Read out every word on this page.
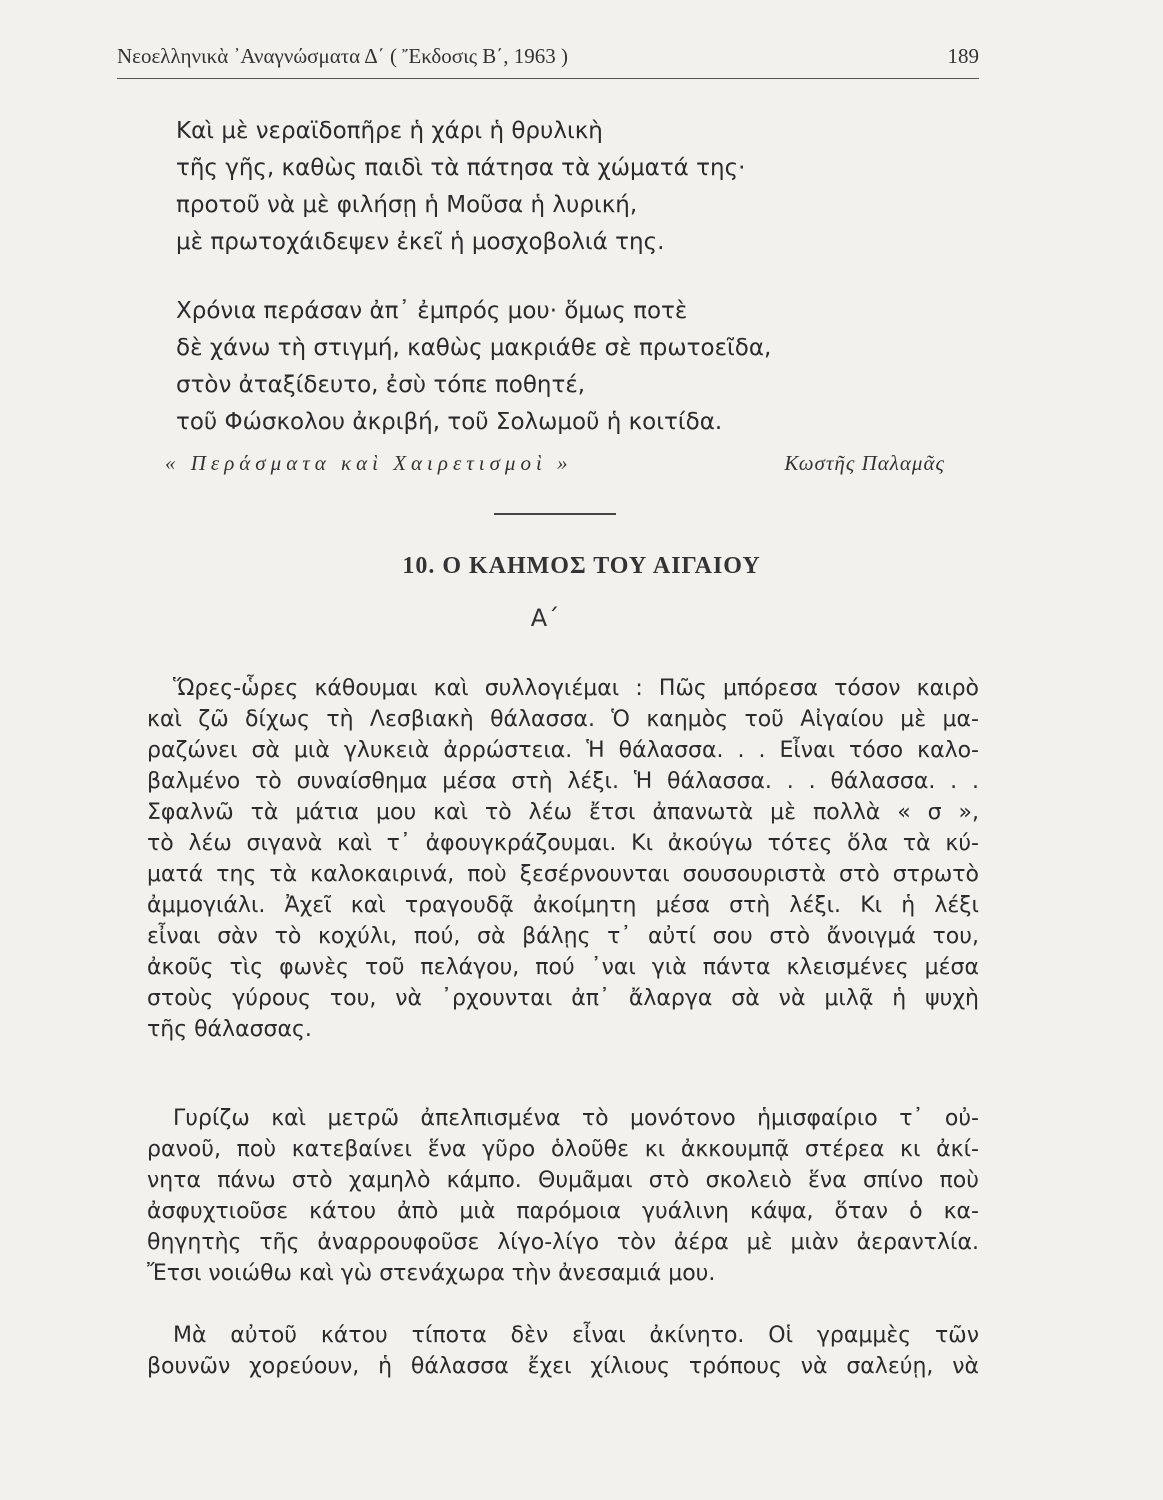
Νεοελληνικὰ ᾿Αναγνώσματα Δ΄ ( Ἔκδοσις Β΄, 1963 )	189
Καὶ μὲ νεραϊδοπῆρε ἡ χάρι ἡ θρυλικὴ
τῆς γῆς, καθὼς παιδὶ τὰ πάτησα τὰ χώματά της·
προτοῦ νὰ μὲ φιλήσῃ ἡ Μοῦσα ἡ λυρική,
μὲ πρωτοχάιδεψεν ἐκεῖ ἡ μοσχοβολιά της.
Χρόνια περάσαν ἀπ᾿ ἐμπρός μου· ὅμως ποτὲ
δὲ χάνω τὴ στιγμή, καθὼς μακριάθε σὲ πρωτοεῖδα,
στὸν ἀταξίδευτο, ἐσὺ τόπε ποθητέ,
τοῦ Φώσκολου ἀκριβή, τοῦ Σολωμοῦ ἡ κοιτίδα.
« Περάσματα καὶ Χαιρετισμοὶ »	Κωστῆς Παλαμᾶς
10. Ο ΚΑΗΜΟΣ ΤΟΥ ΑΙΓΑΙΟΥ
Α΄
Ὥρες-ὧρες κάθουμαι καὶ συλλογιέμαι : Πῶς μπόρεσα τόσον καιρὸ
καὶ ζῶ δίχως τὴ Λεσβιακὴ θάλασσα. Ὁ καημὸς τοῦ Αἰγαίου μὲ μα-
ραζώνει σὰ μιὰ γλυκειὰ ἀρρώστεια. Ἡ θάλασσα. . . Εἶναι τόσο καλο-
βαλμένο τὸ συναίσθημα μέσα στὴ λέξι. Ἡ θάλασσα. . . θάλασσα. . .
Σφαλνῶ τὰ μάτια μου καὶ τὸ λέω ἔτσι ἀπανωτὰ μὲ πολλὰ « σ »,
τὸ λέω σιγανὰ καὶ τ᾿ ἀφουγκράζουμαι. Κι ἀκούγω τότες ὅλα τὰ κύ-
ματά της τὰ καλοκαιρινά, ποὺ ξεσέρνουνται σουσουριστὰ στὸ στρωτὸ
ἀμμογιάλι. Ἀχεῖ καὶ τραγουδᾷ ἀκοίμητη μέσα στὴ λέξι. Κι ἡ λέξι
εἶναι σὰν τὸ κοχύλι, πού, σὰ βάλῃς τ᾿ αὐτί σου στὸ ἄνοιγμά του,
ἀκοῦς τὶς φωνὲς τοῦ πελάγου, πού ᾿ναι γιὰ πάντα κλεισμένες μέσα
στοὺς γύρους του, νὰ ᾿ρχουνται ἀπ᾿ ἄλαργα σὰ νὰ μιλᾷ ἡ ψυχὴ
τῆς θάλασσας.
Γυρίζω καὶ μετρῶ ἀπελπισμένα τὸ μονότονο ἡμισφαίριο τ᾿ οὐ-
ρανοῦ, ποὺ κατεβαίνει ἕνα γῦρο ὁλοῦθε κι ἀκκουμπᾷ στέρεα κι ἀκί-
νητα πάνω στὸ χαμηλὸ κάμπο. Θυμᾶμαι στὸ σκολειὸ ἕνα σπίνο ποὺ
ἀσφυχτιοῦσε κάτου ἀπὸ μιὰ παρόμοια γυάλινη κάψα, ὅταν ὁ κα-
θηγητὴς τῆς ἀναρρουφοῦσε λίγο-λίγο τὸν ἀέρα μὲ μιὰν ἀεραντλία.
Ἔτσι νοιώθω καὶ γὼ στενάχωρα τὴν ἀνεσαμιά μου.
Μὰ αὐτοῦ κάτου τίποτα δὲν εἶναι ἀκίνητο. Οἱ γραμμὲς τῶν
βουνῶν χορεύουν, ἡ θάλασσα ἔχει χίλιους τρόπους νὰ σαλεύῃ, νὰ
